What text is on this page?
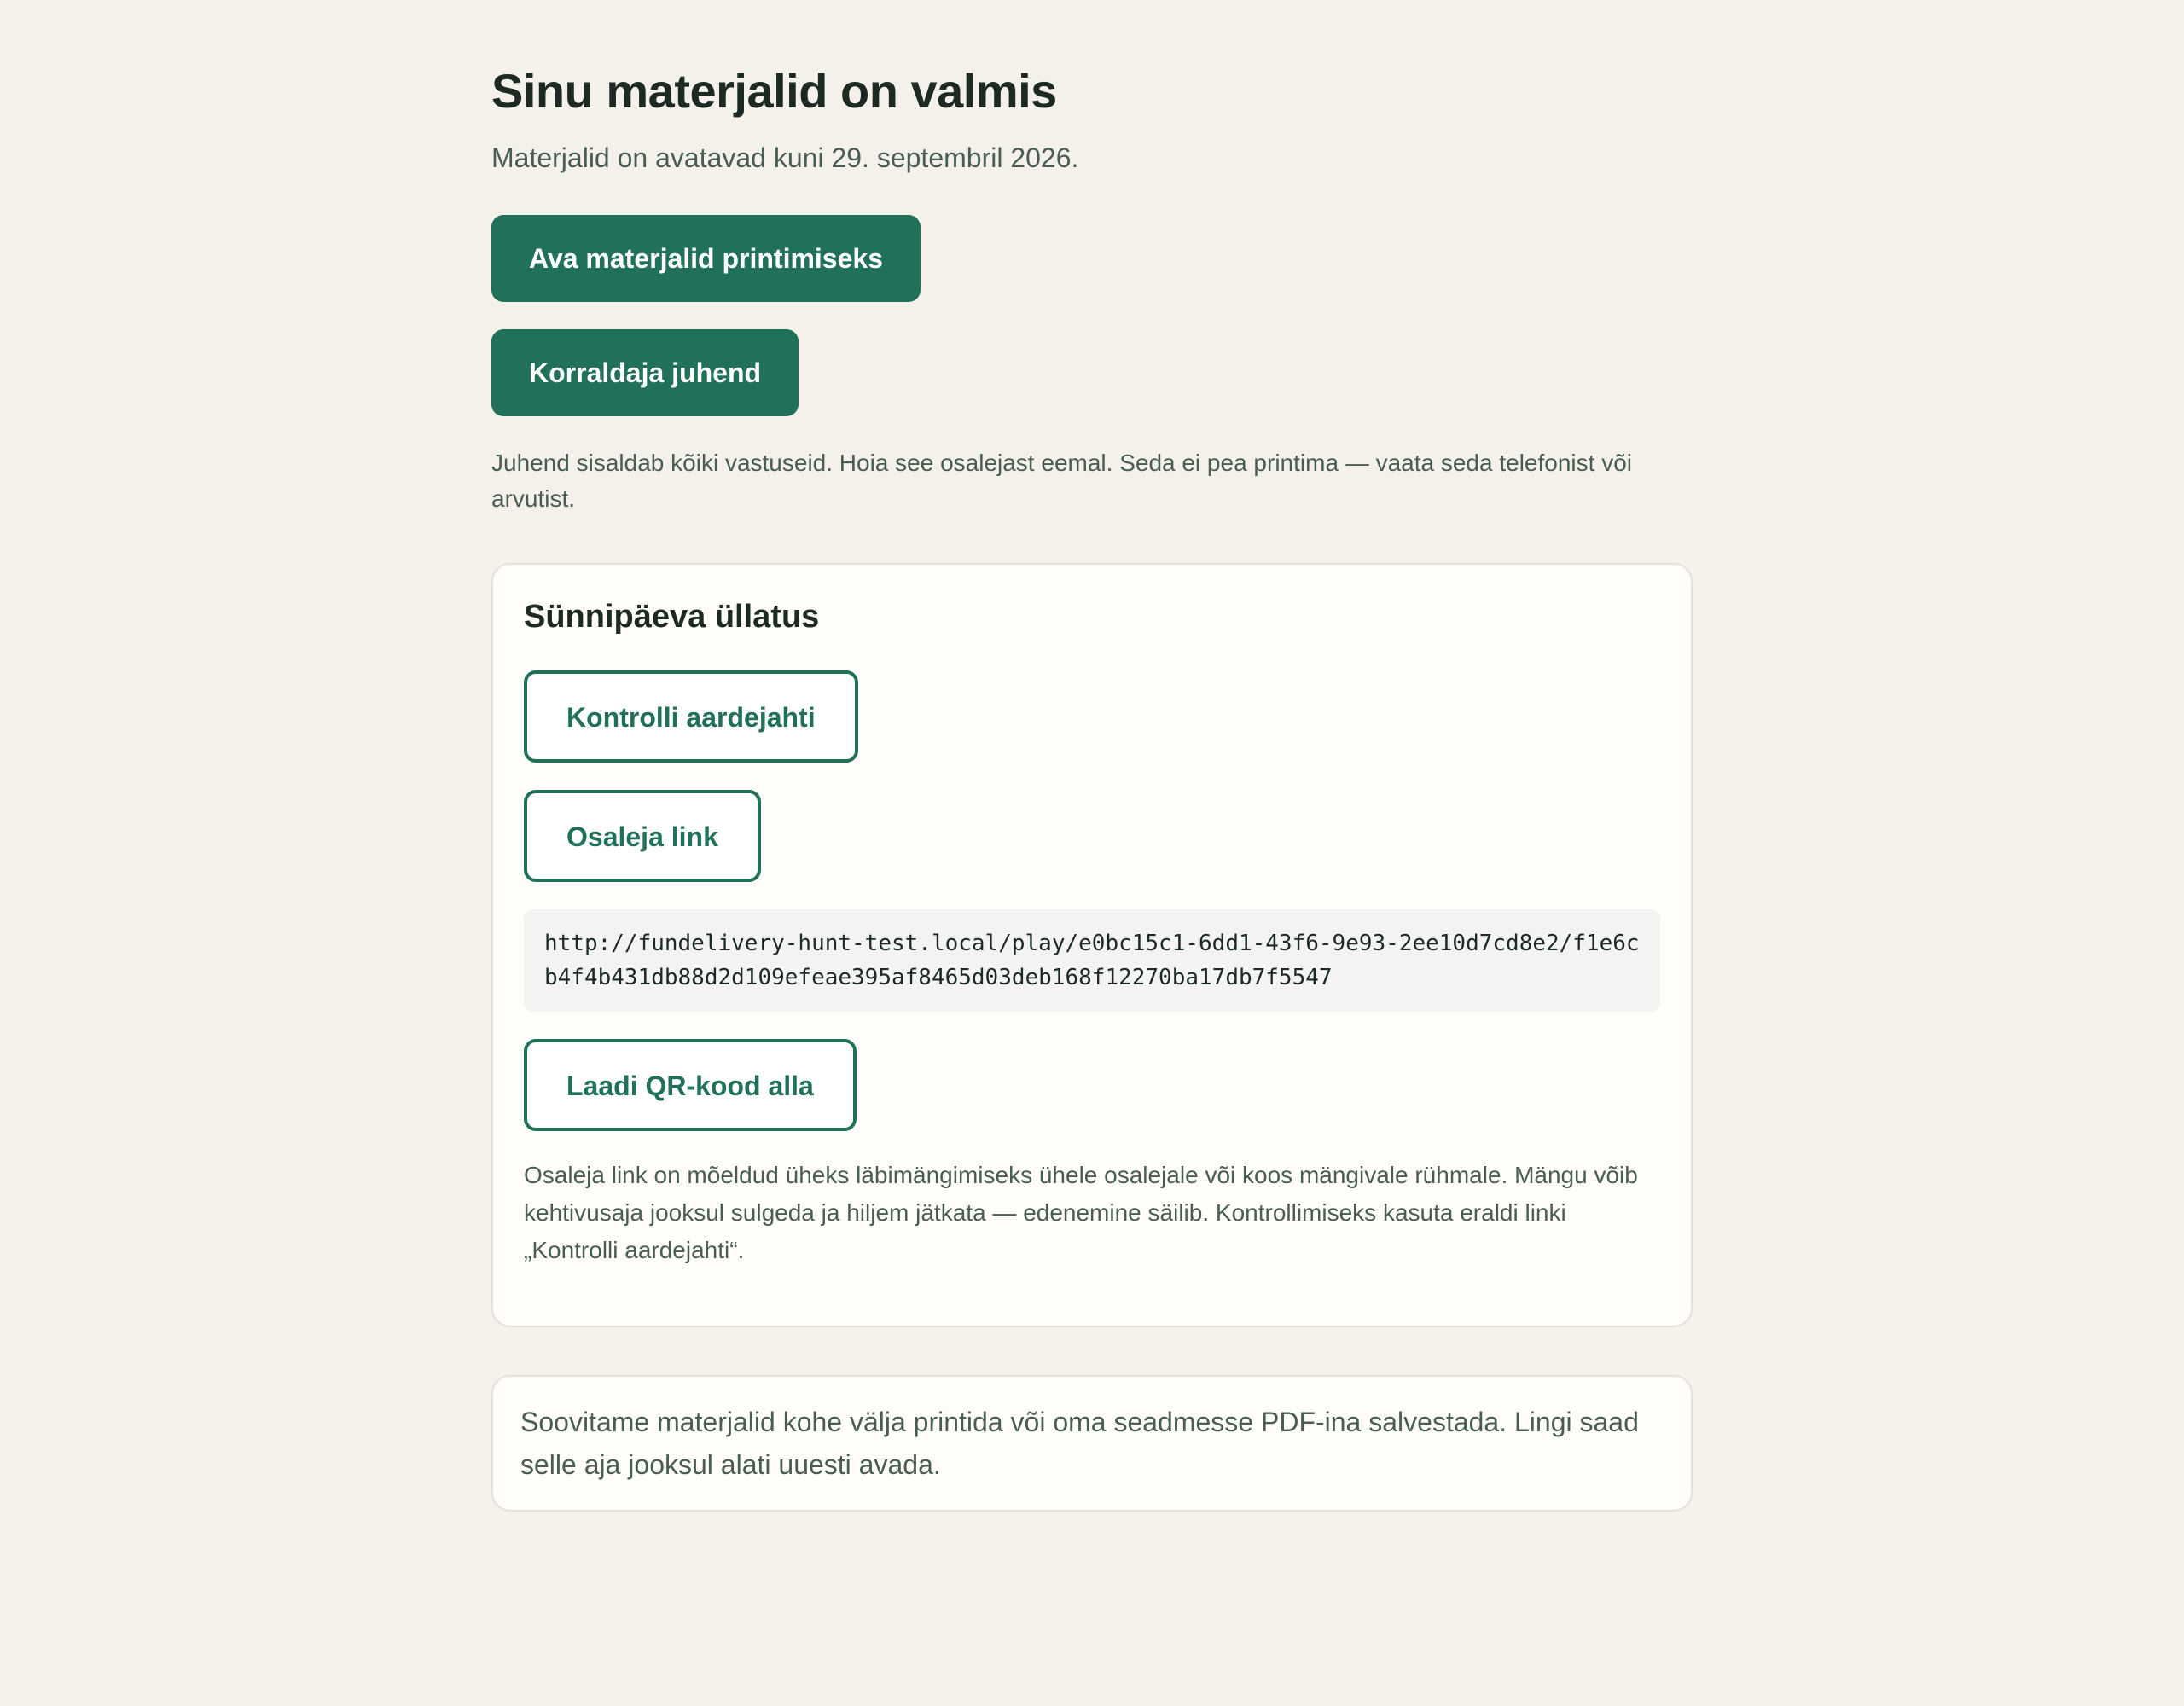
Sinu materjalid on valmis

Materjalid on avatavad kuni 29. septembril 2026.

Ava materjalid printimiseks
Korraldaja juhend

Juhend sisaldab kõiki vastuseid. Hoia see osalejast eemal. Seda ei pea printima — vaata seda telefonist või arvutist.

Sünnipäeva üllatus
Kontrolli aardejahti
Osaleja link
http://fundelivery-hunt-test.local/play/e0bc15c1-6dd1-43f6-9e93-2ee10d7cd8e2/f1e6cb4f4b431db88d2d109efeae395af8465d03deb168f12270ba17db7f5547
Laadi QR-kood alla

Osaleja link on mõeldud üheks läbimängimiseks ühele osalejale või koos mängivale rühmale. Mängu võib kehtivusaja jooksul sulgeda ja hiljem jätkata — edenemine säilib. Kontrollimiseks kasuta eraldi linki „Kontrolli aardejahti“.

Soovitame materjalid kohe välja printida või oma seadmesse PDF-ina salvestada. Lingi saad selle aja jooksul alati uuesti avada.
